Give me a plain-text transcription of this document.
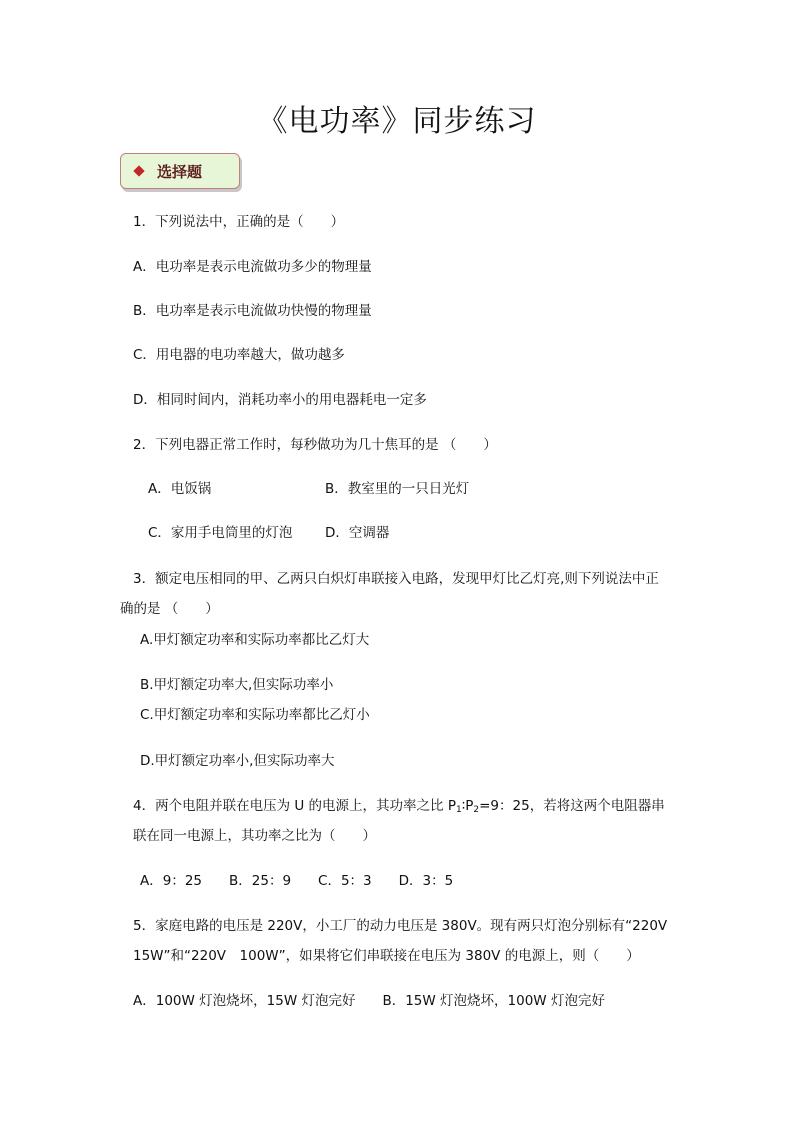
《电功率》同步练习
选择题
1．下列说法中，正确的是（　　）
A．电功率是表示电流做功多少的物理量
B．电功率是表示电流做功快慢的物理量
C．用电器的电功率越大，做功越多
D．相同时间内，消耗功率小的用电器耗电一定多
2．下列电器正常工作时，每秒做功为几十焦耳的是 （　　）
A．电饭锅	B．教室里的一只日光灯
C．家用手电筒里的灯泡 D．空调器
3．额定电压相同的甲、乙两只白炽灯串联接入电路，发现甲灯比乙灯亮,则下列说法中正
确的是 （　　）
A.甲灯额定功率和实际功率都比乙灯大
B.甲灯额定功率大,但实际功率小
C.甲灯额定功率和实际功率都比乙灯小
D.甲灯额定功率小,但实际功率大
4．两个电阻并联在电压为 U 的电源上，其功率之比 $P_1∶P_2=9$：25，若将这两个电阻器串
联在同一电源上，其功率之比为（　　）
A．9：25　　B．25：9　　C．5：3　　D．3：5
5．家庭电路的电压是 220V，小工厂的动力电压是 380V。现有两只灯泡分别标有“220V
15W”和“220V　100W”，如果将它们串联接在电压为 380V 的电源上，则（　　）
A．100W 灯泡烧坏，15W 灯泡完好　　B．15W 灯泡烧坏，100W 灯泡完好
